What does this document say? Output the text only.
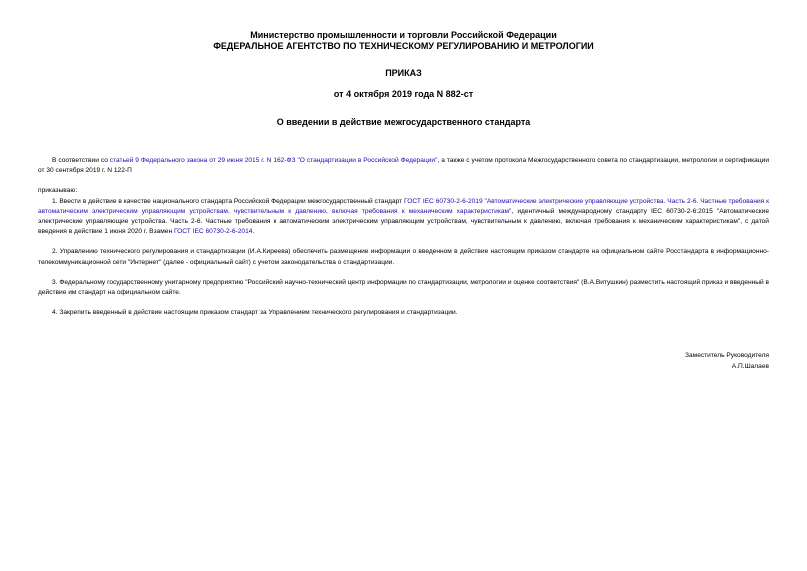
Министерство промышленности и торговли Российской Федерации
ФЕДЕРАЛЬНОЕ АГЕНТСТВО ПО ТЕХНИЧЕСКОМУ РЕГУЛИРОВАНИЮ И МЕТРОЛОГИИ
ПРИКАЗ
от 4 октября 2019 года N 882-ст
О введении в действие межгосударственного стандарта

В соответствии со статьей 9 Федерального закона от 29 июня 2015 г. N 162-ФЗ "О стандартизации в Российской Федерации", а также с учетом протокола Межгосударственного совета по стандартизации, метрологии и сертификации от 30 сентября 2019 г. N 122-П

приказываю:

1. Ввести в действие в качестве национального стандарта Российской Федерации межгосударственный стандарт ГОСТ IEC 60730-2-6-2019 "Автоматические электрические управляющие устройства. Часть 2-6. Частные требования к автоматическим электрическим управляющим устройствам, чувствительным к давлению, включая требования к механическим характеристикам", идентичный международному стандарту IEC 60730-2-6:2015 "Автоматические электрические управляющие устройства. Часть 2-6. Частные требования к автоматическим электрическим управляющим устройствам, чувствительным к давлению, включая требования к механическим характеристикам", с датой введения в действие 1 июня 2020 г. Взамен ГОСТ IEC 60730-2-6-2014.

2. Управлению технического регулирования и стандартизации (И.А.Киреева) обеспечить размещение информации о введенном в действие настоящим приказом стандарте на официальном сайте Росстандарта в информационно-телекоммуникационной сети "Интернет" (далее - официальный сайт) с учетом законодательства о стандартизации.

3. Федеральному государственному унитарному предприятию "Российский научно-технический центр информации по стандартизации, метрологии и оценке соответствия" (В.А.Витушкин) разместить настоящий приказ и введенный в действие им стандарт на официальном сайте.

4. Закрепить введенный в действие настоящим приказом стандарт за Управлением технического регулирования и стандартизации.

Заместитель Руководителя
А.П.Шалаев
